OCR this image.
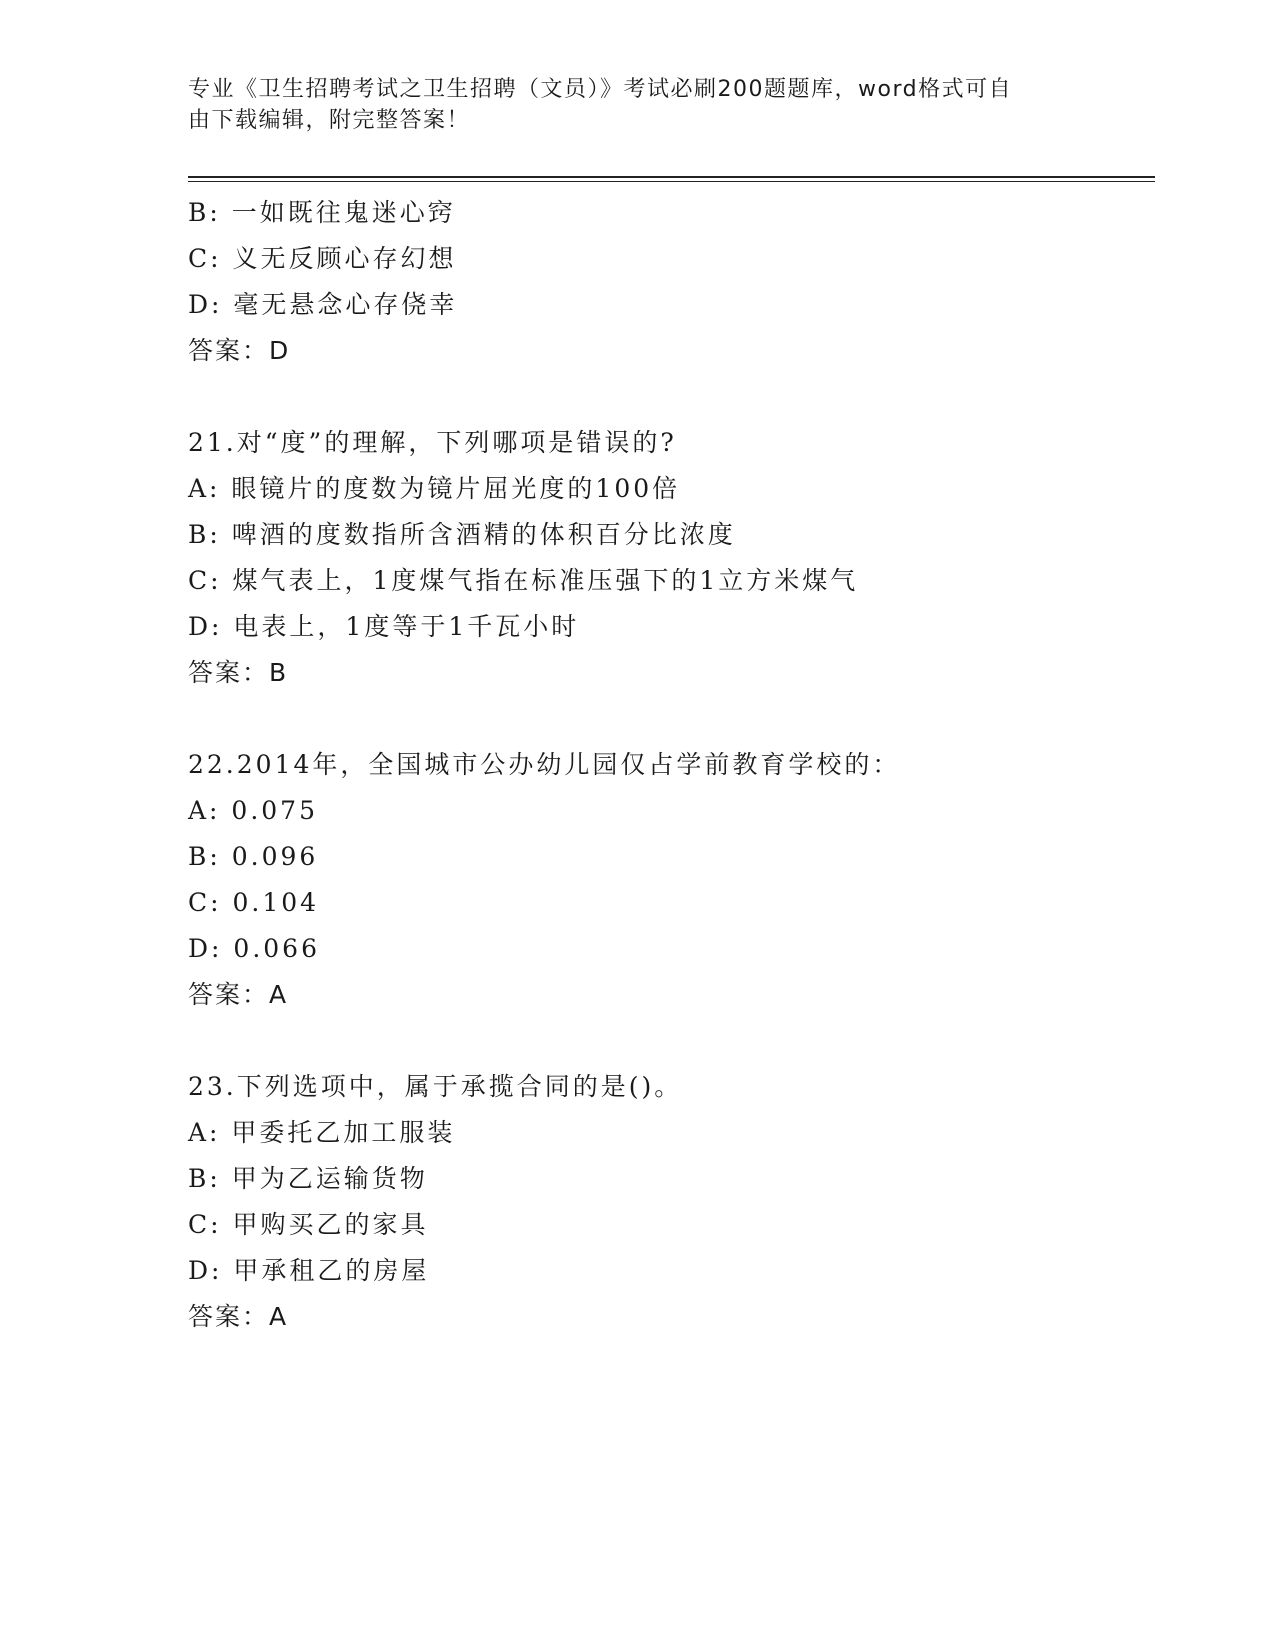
专业《卫生招聘考试之卫生招聘（文员）》考试必刷200题题库，word格式可自
由下载编辑，附完整答案！
B: 一如既往鬼迷心窍
C: 义无反顾心存幻想
D: 毫无悬念心存侥幸
答案：D
21.对“度”的理解，下列哪项是错误的?
A: 眼镜片的度数为镜片屈光度的100倍
B: 啤酒的度数指所含酒精的体积百分比浓度
C: 煤气表上，1度煤气指在标准压强下的1立方米煤气
D: 电表上，1度等于1千瓦小时
答案：B
22.2014年，全国城市公办幼儿园仅占学前教育学校的：
A: 0.075
B: 0.096
C: 0.104
D: 0.066
答案：A
23.下列选项中，属于承揽合同的是()。
A: 甲委托乙加工服装
B: 甲为乙运输货物
C: 甲购买乙的家具
D: 甲承租乙的房屋
答案：A
